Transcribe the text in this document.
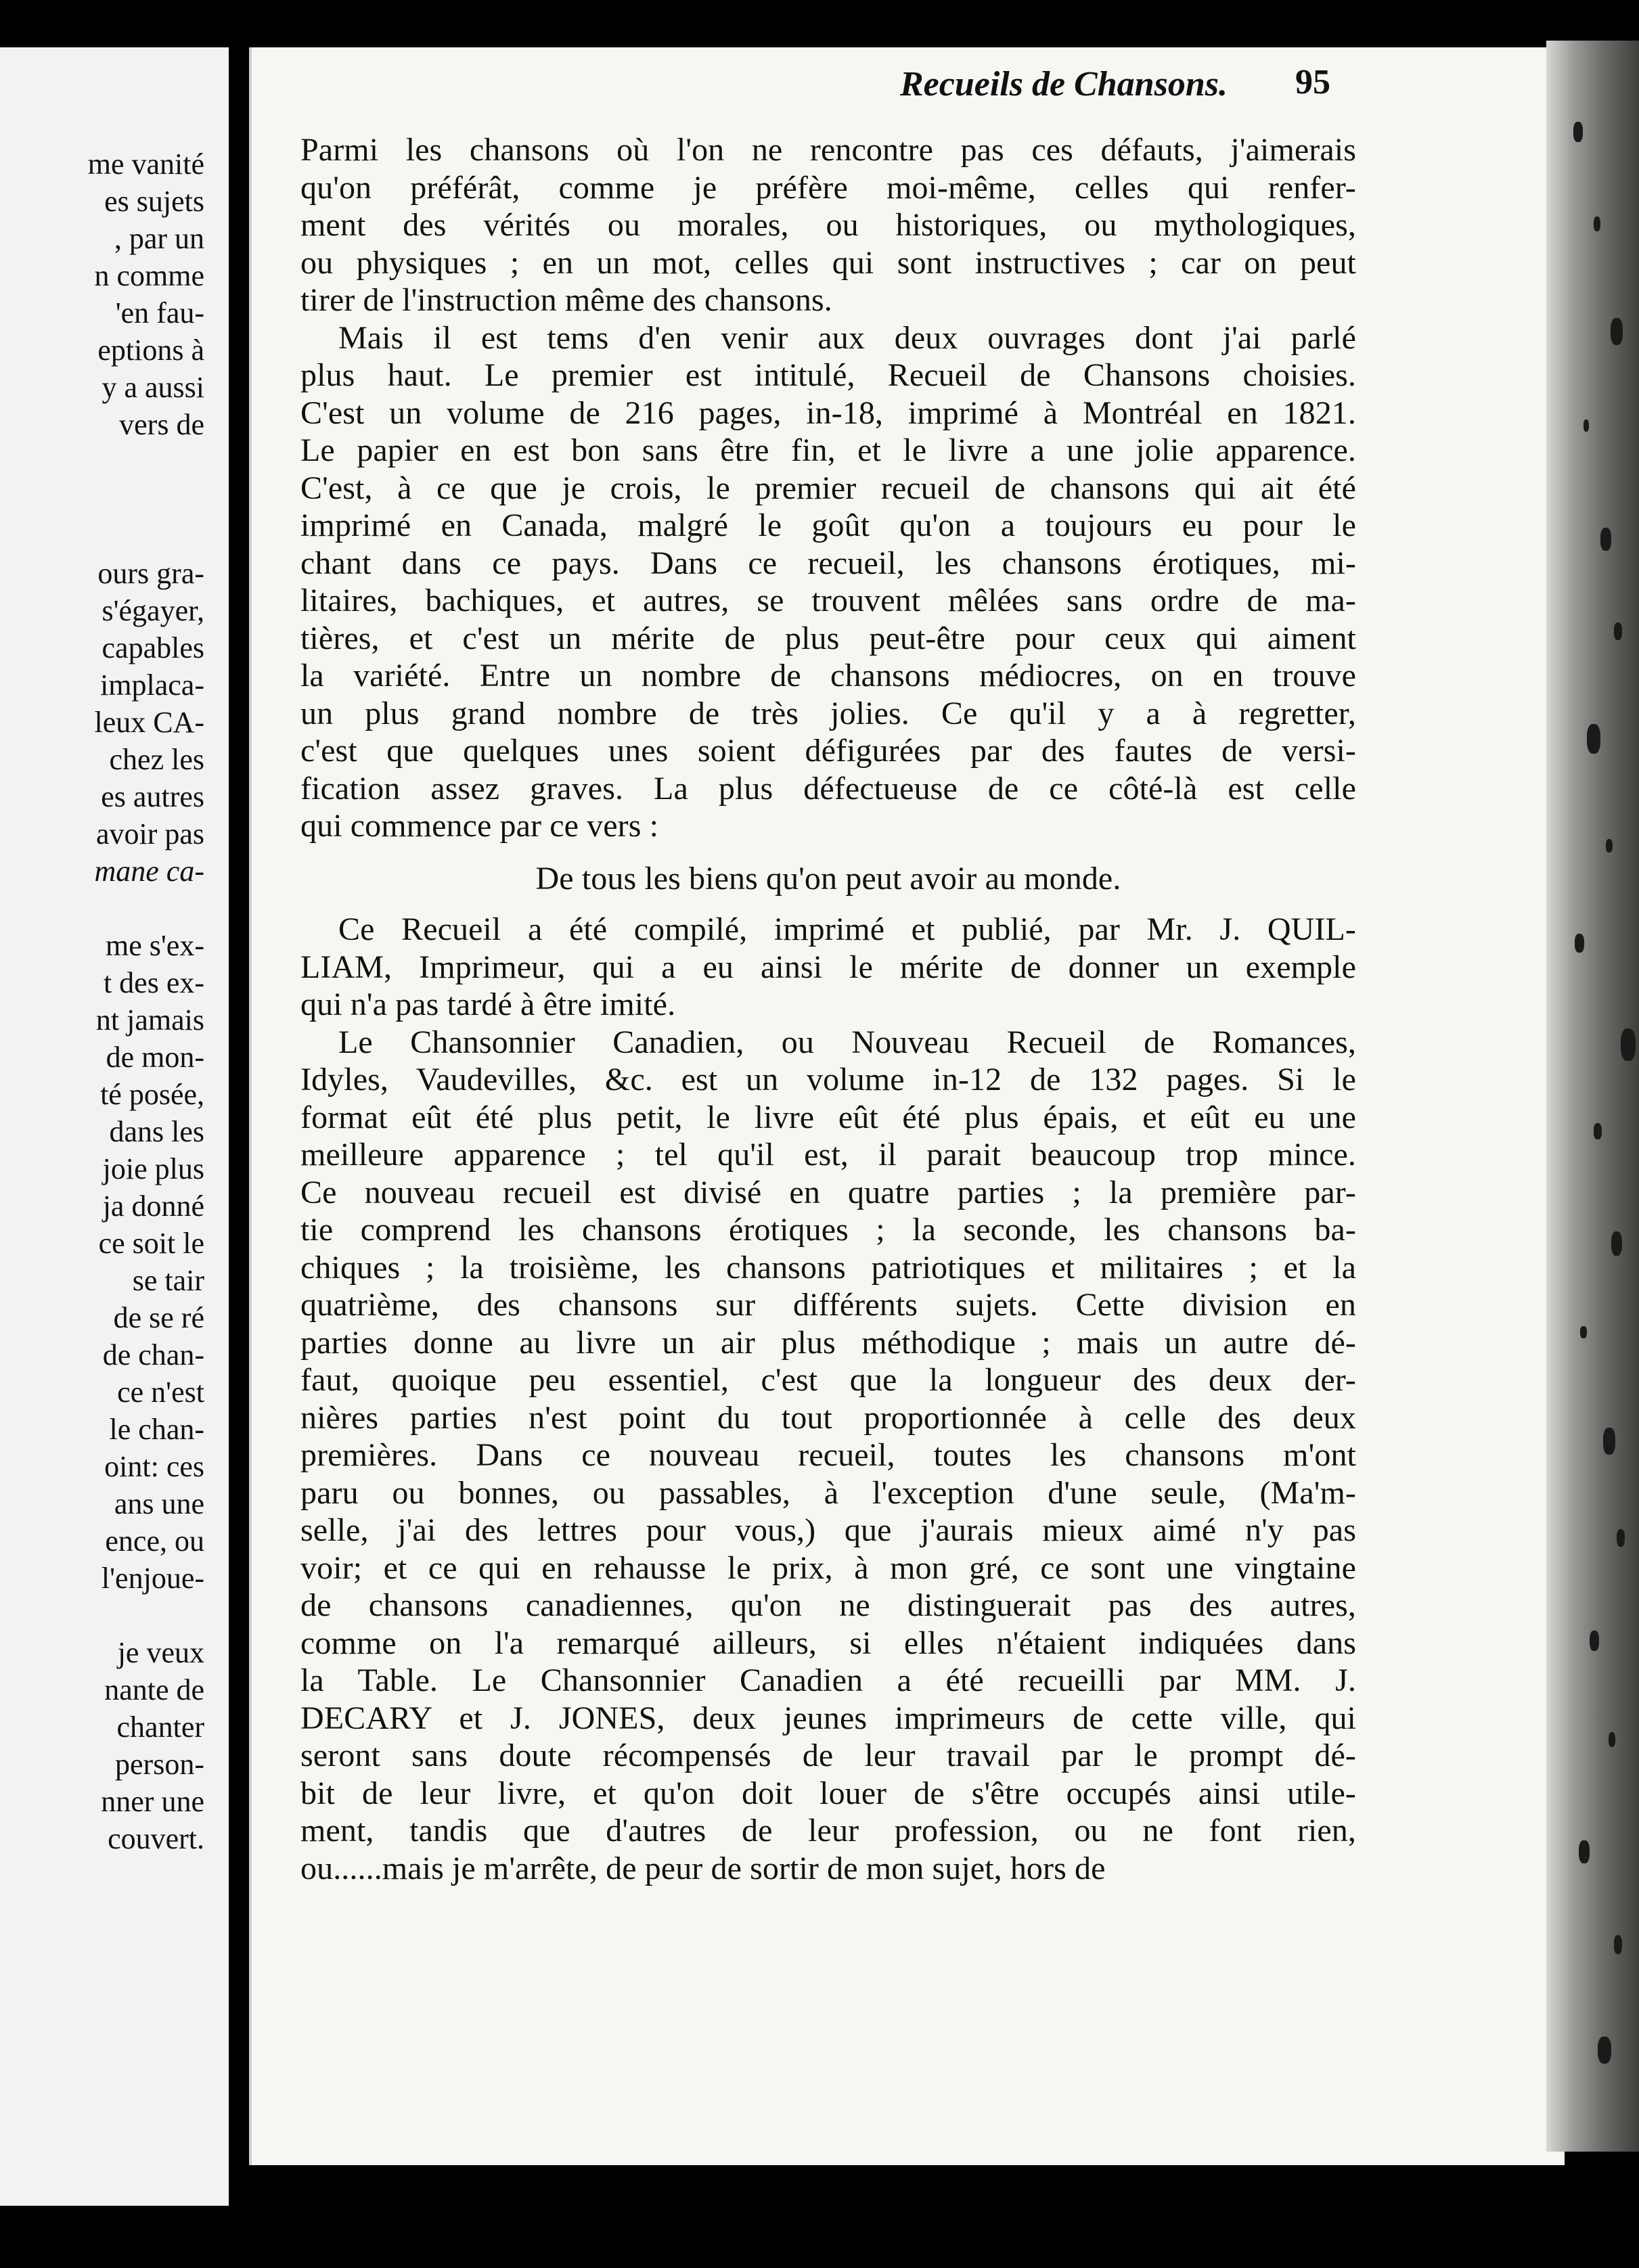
me vanité
es sujets
, par un
n comme
'en fau-
eptions à
y a aussi
vers de
ours gra-
s'égayer,
capables
implaca-
leux CA-
chez les
es autres
avoir pas
mane ca-
me s'ex-
t des ex-
nt jamais
de mon-
té posée,
dans les
joie plus
ja donné
ce soit le
se tair
de se ré
de chan-
ce n'est
le chan-
oint: ces
ans une
ence, ou
l'enjoue-
je veux
nante de
chanter
person-
nner une
couvert.
Recueils de Chansons. 95
Parmi les chansons où l'on ne rencontre pas ces défauts, j'aimerais
qu'on préférât, comme je préfère moi-même, celles qui renfer-
ment des vérités ou morales, ou historiques, ou mythologiques,
ou physiques ; en un mot, celles qui sont instructives ; car on peut
tirer de l'instruction même des chansons.
Mais il est tems d'en venir aux deux ouvrages dont j'ai parlé
plus haut. Le premier est intitulé, Recueil de Chansons choisies.
C'est un volume de 216 pages, in-18, imprimé à Montréal en 1821.
Le papier en est bon sans être fin, et le livre a une jolie apparence.
C'est, à ce que je crois, le premier recueil de chansons qui ait été
imprimé en Canada, malgré le goût qu'on a toujours eu pour le
chant dans ce pays. Dans ce recueil, les chansons érotiques, mi-
litaires, bachiques, et autres, se trouvent mêlées sans ordre de ma-
tières, et c'est un mérite de plus peut-être pour ceux qui aiment
la variété. Entre un nombre de chansons médiocres, on en trouve
un plus grand nombre de très jolies. Ce qu'il y a à regretter,
c'est que quelques unes soient défigurées par des fautes de versi-
fication assez graves. La plus défectueuse de ce côté-là est celle
qui commence par ce vers :
De tous les biens qu'on peut avoir au monde.
Ce Recueil a été compilé, imprimé et publié, par Mr. J. QUIL-
LIAM, Imprimeur, qui a eu ainsi le mérite de donner un exemple
qui n'a pas tardé à être imité.
Le Chansonnier Canadien, ou Nouveau Recueil de Romances,
Idyles, Vaudevilles, &c. est un volume in-12 de 132 pages. Si le
format eût été plus petit, le livre eût été plus épais, et eût eu une
meilleure apparence ; tel qu'il est, il parait beaucoup trop mince.
Ce nouveau recueil est divisé en quatre parties ; la première par-
tie comprend les chansons érotiques ; la seconde, les chansons ba-
chiques ; la troisième, les chansons patriotiques et militaires ; et la
quatrième, des chansons sur différents sujets. Cette division en
parties donne au livre un air plus méthodique ; mais un autre dé-
faut, quoique peu essentiel, c'est que la longueur des deux der-
nières parties n'est point du tout proportionnée à celle des deux
premières. Dans ce nouveau recueil, toutes les chansons m'ont
paru ou bonnes, ou passables, à l'exception d'une seule, (Ma'm-
selle, j'ai des lettres pour vous,) que j'aurais mieux aimé n'y pas
voir; et ce qui en rehausse le prix, à mon gré, ce sont une vingtaine
de chansons canadiennes, qu'on ne distinguerait pas des autres,
comme on l'a remarqué ailleurs, si elles n'étaient indiquées dans
la Table. Le Chansonnier Canadien a été recueilli par MM. J.
DECARY et J. JONES, deux jeunes imprimeurs de cette ville, qui
seront sans doute récompensés de leur travail par le prompt dé-
bit de leur livre, et qu'on doit louer de s'être occupés ainsi utile-
ment, tandis que d'autres de leur profession, ou ne font rien,
ou......mais je m'arrête, de peur de sortir de mon sujet, hors de
